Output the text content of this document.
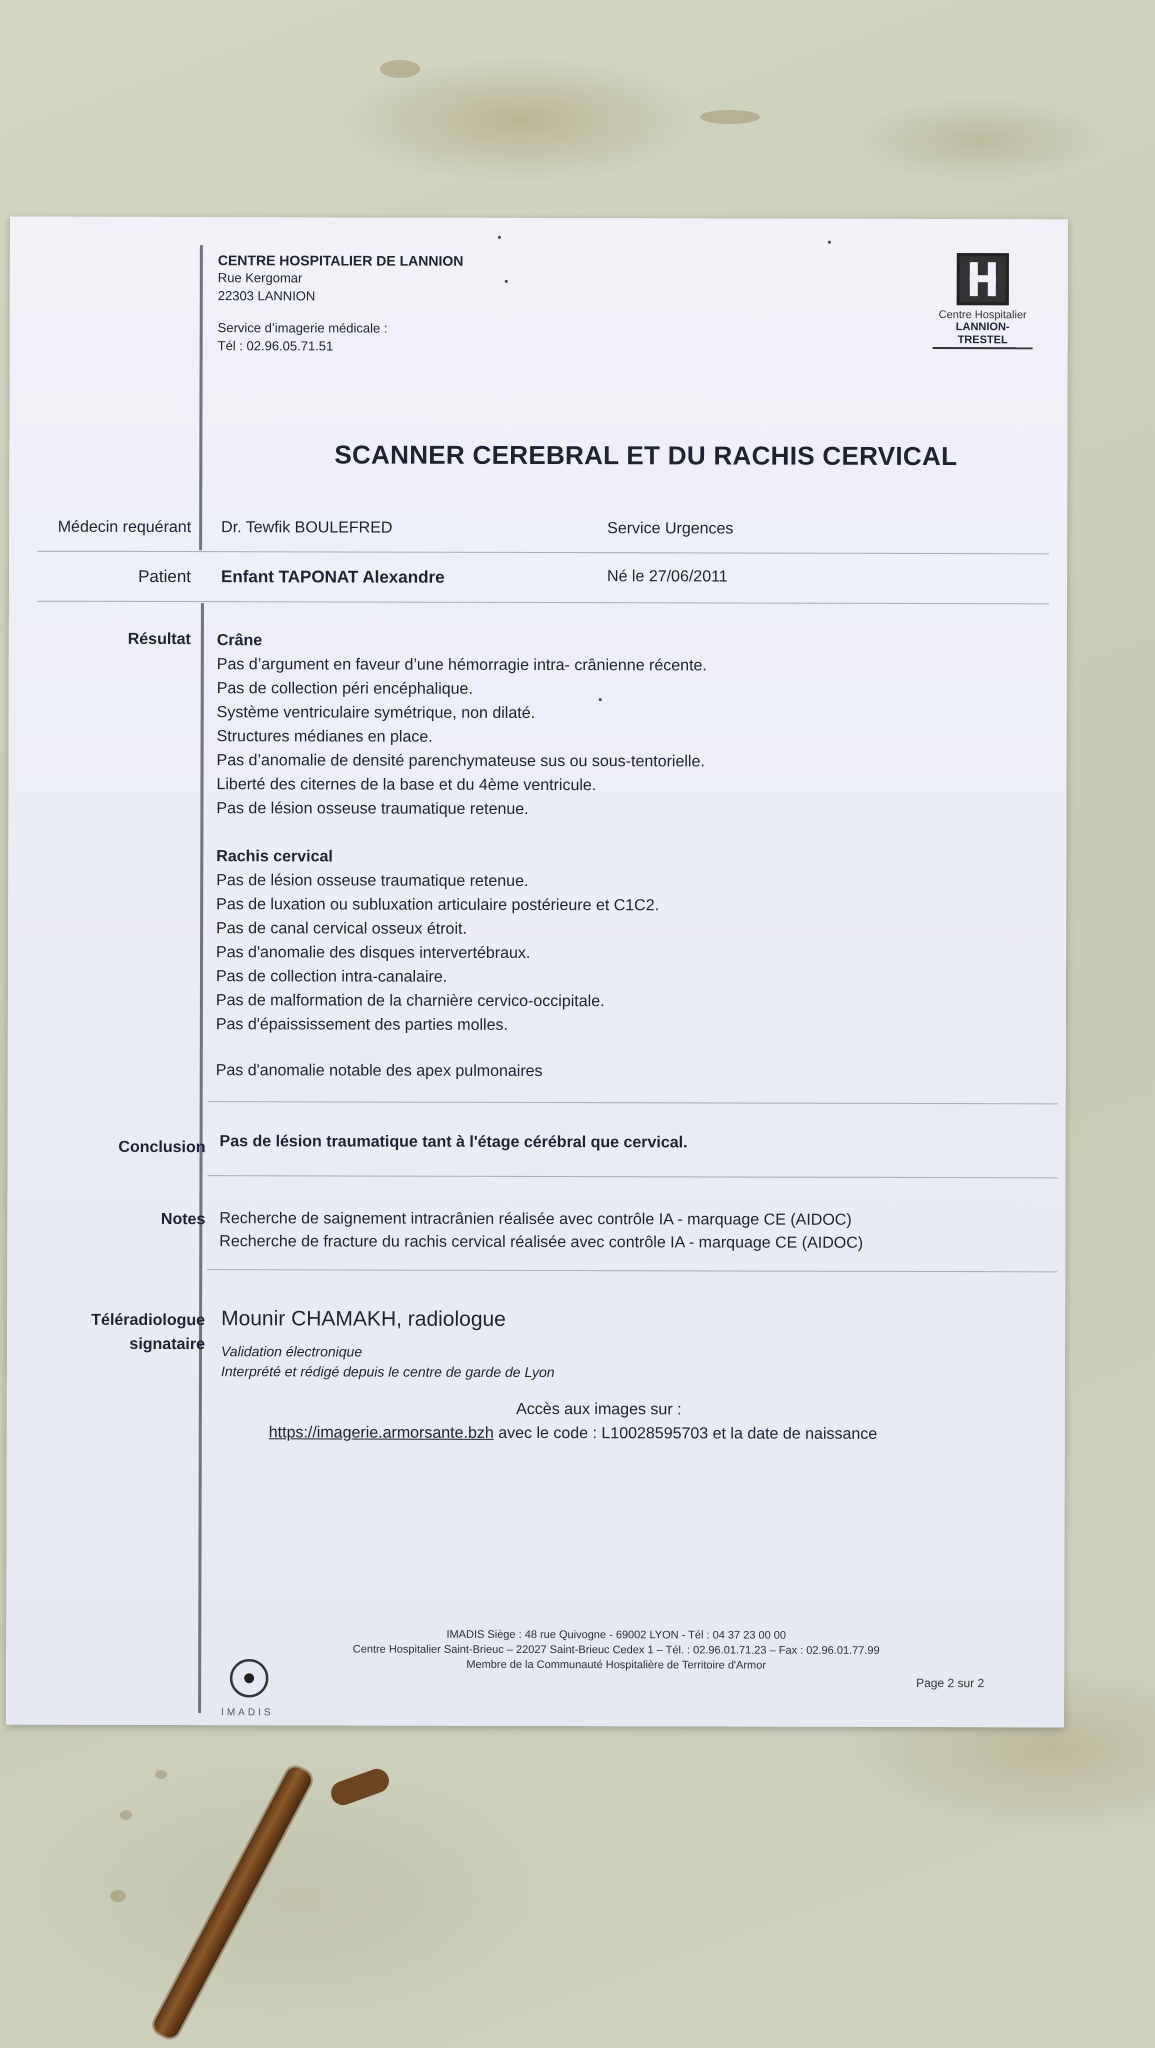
CENTRE HOSPITALIER DE LANNION
Rue Kergomar
22303 LANNION
Service d’imagerie médicale :
Tél : 02.96.05.71.51
Centre Hospitalier
LANNION-TRESTEL
SCANNER CEREBRAL ET DU RACHIS CERVICAL
Médecin requérant Dr. Tewfik BOULEFRED	Service Urgences
Patient Enfant TAPONAT Alexandre	Né le 27/06/2011
Résultat Crâne
Pas d’argument en faveur d’une hémorragie intra- crânienne récente.
Pas de collection péri encéphalique.
Système ventriculaire symétrique, non dilaté.
Structures médianes en place.
Pas d’anomalie de densité parenchymateuse sus ou sous-tentorielle.
Liberté des citernes de la base et du 4ème ventricule.
Pas de lésion osseuse traumatique retenue.
Rachis cervical
Pas de lésion osseuse traumatique retenue.
Pas de luxation ou subluxation articulaire postérieure et C1C2.
Pas de canal cervical osseux étroit.
Pas d'anomalie des disques intervertébraux.
Pas de collection intra-canalaire.
Pas de malformation de la charnière cervico-occipitale.
Pas d'épaississement des parties molles.
Pas d'anomalie notable des apex pulmonaires
Conclusion Pas de lésion traumatique tant à l'étage cérébral que cervical.
Notes Recherche de saignement intracrânien réalisée avec contrôle IA - marquage CE (AIDOC)
Recherche de fracture du rachis cervical réalisée avec contrôle IA - marquage CE (AIDOC)
Téléradiologue
signataire
Mounir CHAMAKH, radiologue
Validation électronique
Interprété et rédigé depuis le centre de garde de Lyon
Accès aux images sur :
https://imagerie.armorsante.bzh avec le code : L10028595703 et la date de naissance
IMADIS Siège : 48 rue Quivogne - 69002 LYON - Tél : 04 37 23 00 00
Centre Hospitalier Saint-Brieuc – 22027 Saint-Brieuc Cedex 1 – Tél. : 02.96.01.71.23 – Fax : 02.96.01.77.99
Membre de la Communauté Hospitalière de Territoire d'Armor
Page 2 sur 2
IMADIS
